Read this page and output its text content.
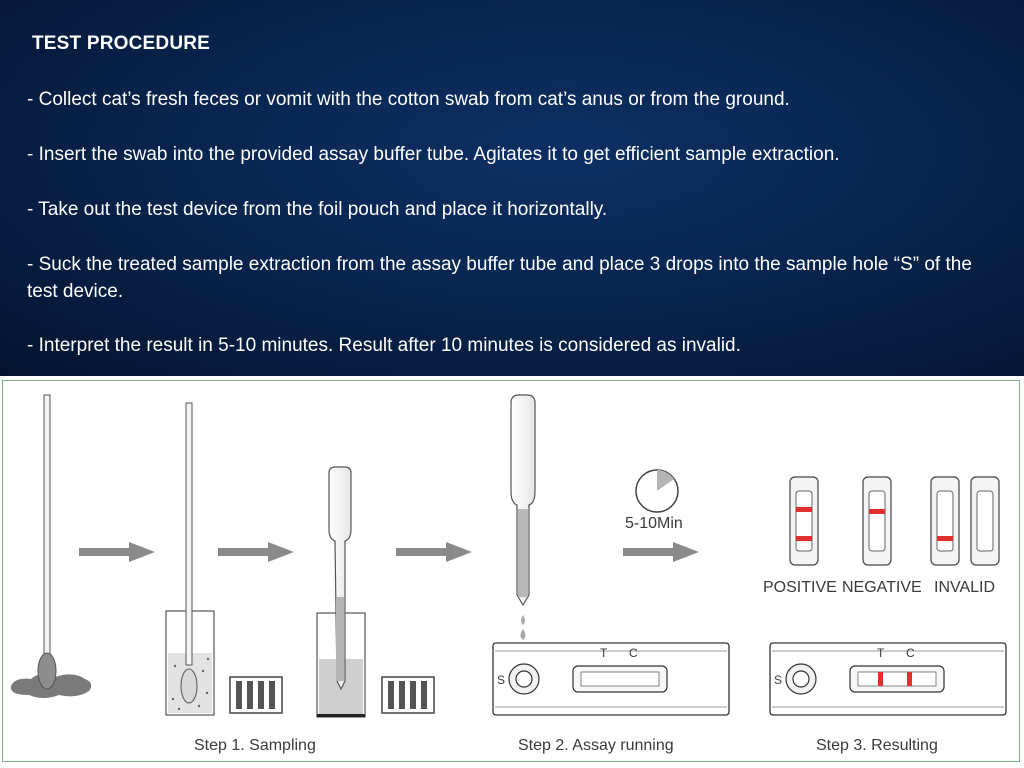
TEST PROCEDURE
- Collect cat’s fresh feces or vomit with the cotton swab from cat’s anus or from the ground.
- Insert the swab into the provided assay buffer tube. Agitates it to get efficient sample extraction.
- Take out the test device from the foil pouch and place it horizontally.
- Suck the treated sample extraction from the assay buffer tube and place 3 drops into the sample hole “S” of the test device.
- Interpret the result in 5-10 minutes. Result after 10 minutes is considered as invalid.
5-10Min
POSITIVE NEGATIVE INVALID
T C	T C
S	S
Step 1. Sampling	Step 2. Assay running	Step 3. Resulting
